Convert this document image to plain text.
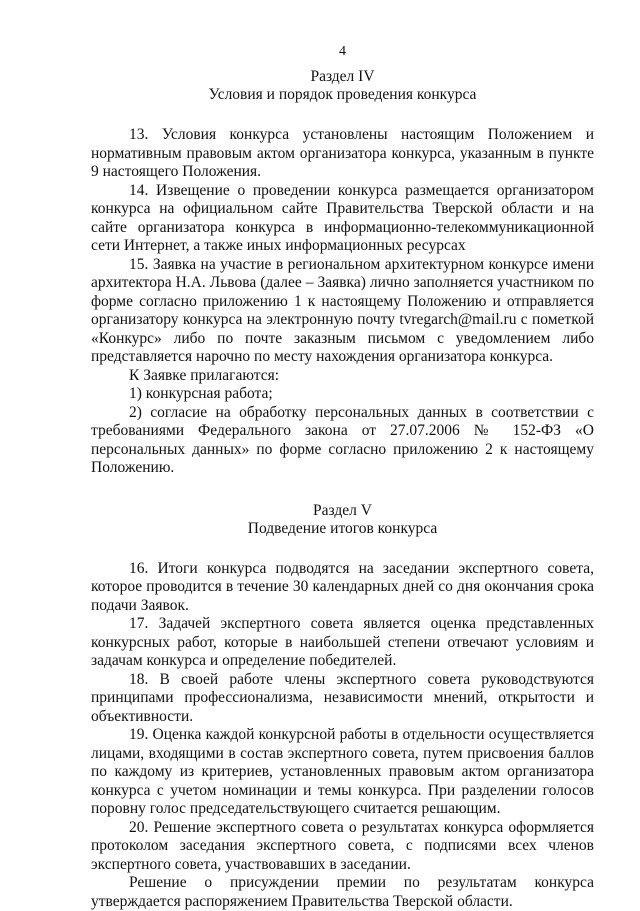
4
Раздел IV
Условия и порядок проведения конкурса

13. Условия конкурса установлены настоящим Положением и нормативным правовым актом организатора конкурса, указанным в пункте 9 настоящего Положения.

14. Извещение о проведении конкурса размещается организатором конкурса на официальном сайте Правительства Тверской области и на сайте организатора конкурса в информационно-телекоммуникационной сети Интернет, а также иных информационных ресурсах

15. Заявка на участие в региональном архитектурном конкурсе имени архитектора Н.А. Львова (далее – Заявка) лично заполняется участником по форме согласно приложению 1 к настоящему Положению и отправляется организатору конкурса на электронную почту tvregarch@mail.ru с пометкой «Конкурс» либо по почте заказным письмом с уведомлением либо представляется нарочно по месту нахождения организатора конкурса.

К Заявке прилагаются:

1) конкурсная работа;

2) согласие на обработку персональных данных в соответствии с требованиями Федерального закона от 27.07.2006 № 152-ФЗ «О персональных данных» по форме согласно приложению 2 к настоящему Положению.

Раздел V
Подведение итогов конкурса

16. Итоги конкурса подводятся на заседании экспертного совета, которое проводится в течение 30 календарных дней со дня окончания срока подачи Заявок.

17. Задачей экспертного совета является оценка представленных конкурсных работ, которые в наибольшей степени отвечают условиям и задачам конкурса и определение победителей.

18. В своей работе члены экспертного совета руководствуются принципами профессионализма, независимости мнений, открытости и объективности.

19. Оценка каждой конкурсной работы в отдельности осуществляется лицами, входящими в состав экспертного совета, путем присвоения баллов по каждому из критериев, установленных правовым актом организатора конкурса с учетом номинации и темы конкурса. При разделении голосов поровну голос председательствующего считается решающим.

20. Решение экспертного совета о результатах конкурса оформляется протоколом заседания экспертного совета, с подписями всех членов экспертного совета, участвовавших в заседании.

Решение о присуждении премии по результатам конкурса утверждается распоряжением Правительства Тверской области.
